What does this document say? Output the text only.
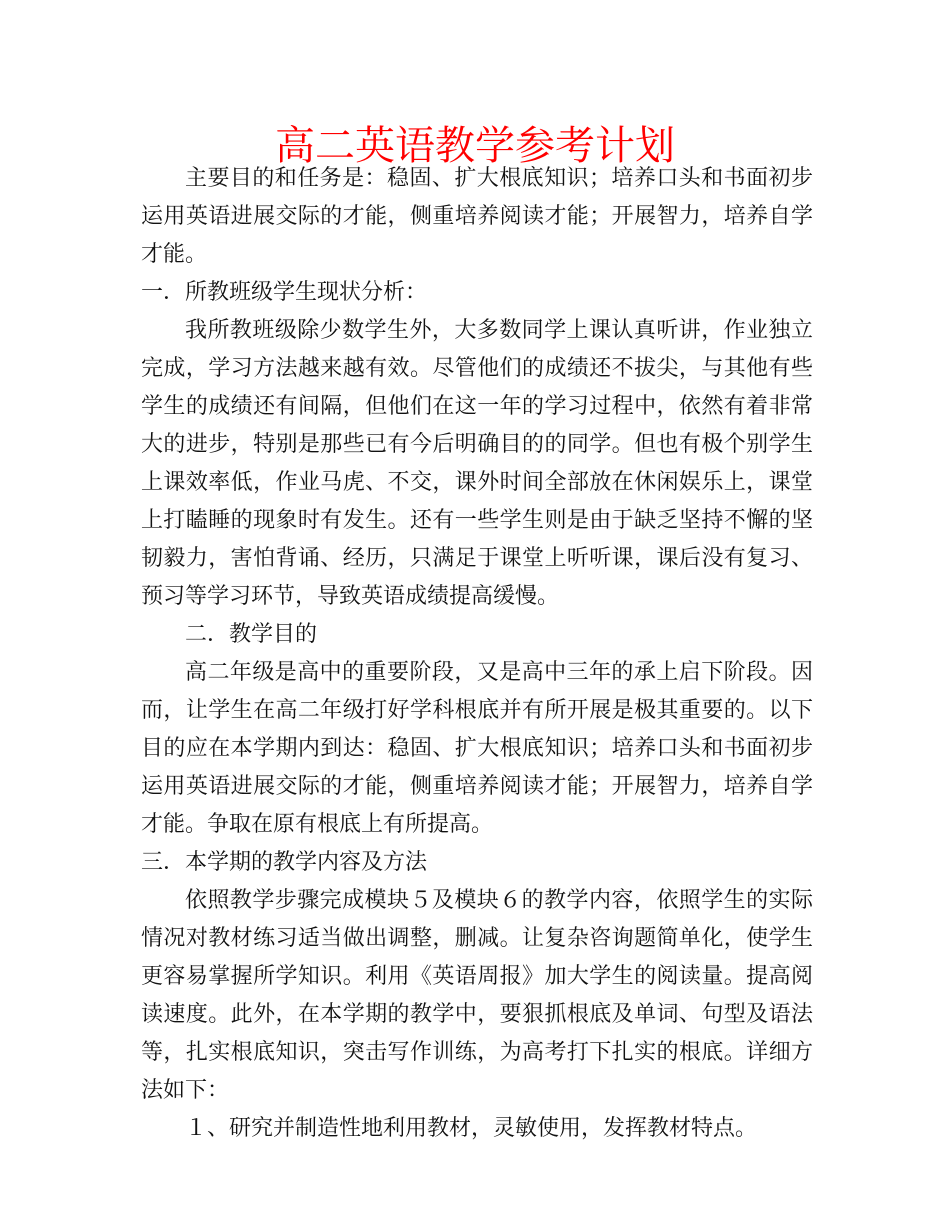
高二英语教学参考计划

主要目的和任务是：稳固、扩大根底知识；培养口头和书面初步运用英语进展交际的才能，侧重培养阅读才能；开展智力，培养自学才能。

一．所教班级学生现状分析：

我所教班级除少数学生外，大多数同学上课认真听讲，作业独立完成，学习方法越来越有效。尽管他们的成绩还不拔尖，与其他有些学生的成绩还有间隔，但他们在这一年的学习过程中，依然有着非常大的进步，特别是那些已有今后明确目的的同学。但也有极个别学生上课效率低，作业马虎、不交，课外时间全部放在休闲娱乐上，课堂上打瞌睡的现象时有发生。还有一些学生则是由于缺乏坚持不懈的坚韧毅力，害怕背诵、经历，只满足于课堂上听听课，课后没有复习、预习等学习环节，导致英语成绩提高缓慢。

二．教学目的

高二年级是高中的重要阶段，又是高中三年的承上启下阶段。因而，让学生在高二年级打好学科根底并有所开展是极其重要的。以下目的应在本学期内到达：稳固、扩大根底知识；培养口头和书面初步运用英语进展交际的才能，侧重培养阅读才能；开展智力，培养自学才能。争取在原有根底上有所提高。

三．本学期的教学内容及方法

依照教学步骤完成模块５及模块６的教学内容，依照学生的实际情况对教材练习适当做出调整，删减。让复杂咨询题简单化，使学生更容易掌握所学知识。利用《英语周报》加大学生的阅读量。提高阅读速度。此外，在本学期的教学中，要狠抓根底及单词、句型及语法等，扎实根底知识，突击写作训练，为高考打下扎实的根底。详细方法如下：

１、研究并制造性地利用教材，灵敏使用，发挥教材特点。
